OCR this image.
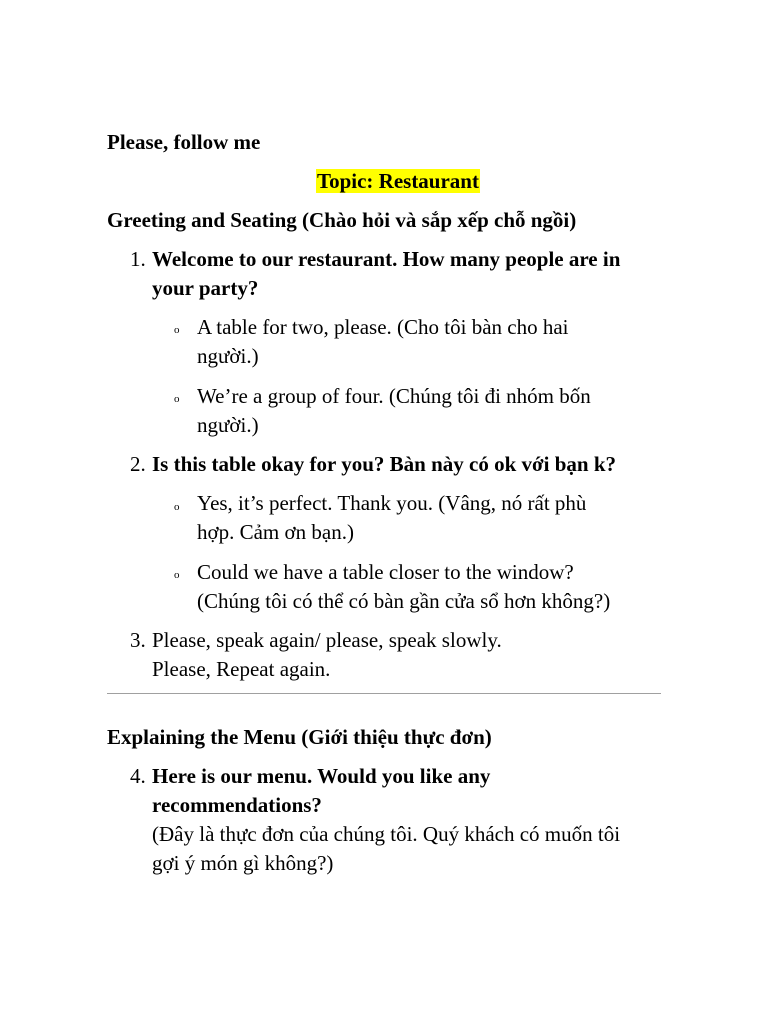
Please, follow me
Topic: Restaurant
Greeting and Seating (Chào hỏi và sắp xếp chỗ ngồi)
1. Welcome to our restaurant. How many people are in
your party?
o A table for two, please. (Cho tôi bàn cho hai
người.)
o We’re a group of four. (Chúng tôi đi nhóm bốn
người.)
2. Is this table okay for you? Bàn này có ok với bạn k?
o Yes, it’s perfect. Thank you. (Vâng, nó rất phù
hợp. Cảm ơn bạn.)
o Could we have a table closer to the window?
(Chúng tôi có thể có bàn gần cửa sổ hơn không?)
3. Please, speak again/ please, speak slowly.
Please, Repeat again.
Explaining the Menu (Giới thiệu thực đơn)
4. Here is our menu. Would you like any
recommendations?
(Đây là thực đơn của chúng tôi. Quý khách có muốn tôi
gợi ý món gì không?)
